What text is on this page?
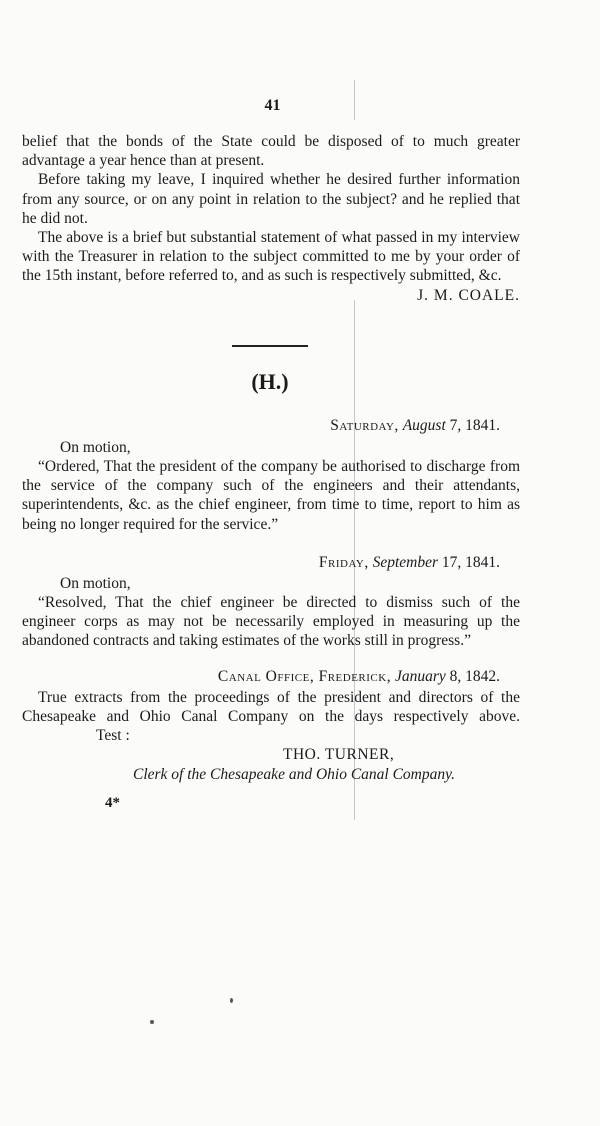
41

belief that the bonds of the State could be disposed of to much greater advantage a year hence than at present.

Before taking my leave, I inquired whether he desired further information from any source, or on any point in relation to the subject? and he replied that he did not.

The above is a brief but substantial statement of what passed in my interview with the Treasurer in relation to the subject committed to me by your order of the 15th instant, before referred to, and as such is respectively submitted, &c.
J. M. COALE.

(H.)
Saturday, August 7, 1841.
On motion,

“Ordered, That the president of the company be authorised to discharge from the service of the company such of the engineers and their attendants, superintendents, &c. as the chief engineer, from time to time, report to him as being no longer required for the service.”

Friday, September 17, 1841.
On motion,

“Resolved, That the chief engineer be directed to dismiss such of the engineer corps as may not be necessarily employed in measuring up the abandoned contracts and taking estimates of the works still in progress.”

Canal Office, Frederick, January 8, 1842.

True extracts from the proceedings of the president and directors of the Chesapeake and Ohio Canal Company on the days respectively above. Test :

THO. TURNER,
Clerk of the Chesapeake and Ohio Canal Company.
4*
